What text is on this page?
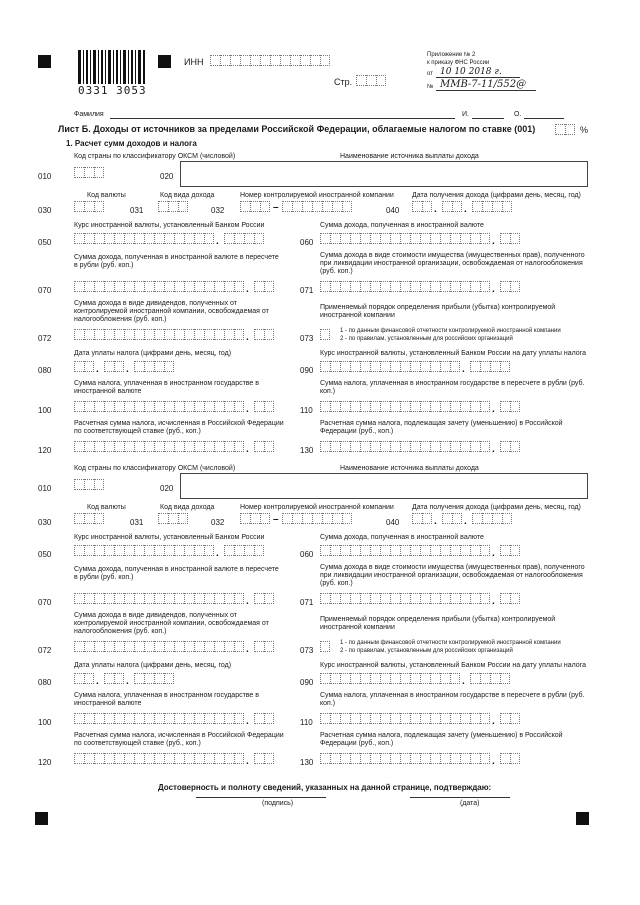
0331 3053
ИНН
Стр.
Приложение № 2
к приказу ФНС России
от 10 10 2018 г.
№ ММВ-7-11/552@
Фамилия	И.	О.
Лист Б. Доходы от источников за пределами Российской Федерации, облагаемые налогом по ставке (001)	%
1. Расчет сумм доходов и налога
Код страны по классификатору ОКСМ (числовой)	Наименование источника выплаты дохода
010	020
Код валюты	Код вида дохода	Номер контролируемой иностранной компании	Дата получения дохода (цифрами день, месяц, год)
030	031	032	–	040	.	.
Курс иностранной валюты, установленный Банком России	Сумма дохода, полученная в иностранной валюте
050	.	060	.
Сумма дохода, полученная в иностранной валюте в пересчете в рубли (руб. коп.)
Сумма дохода в виде стоимости имущества (имущественных прав), полученного при ликвидации иностранной организации, освобождаемая от налогообложения (руб. коп.)
070	.	071	.
Сумма дохода в виде дивидендов, полученных от контролируемой иностранной компании, освобождаемая от налогообложения (руб. коп.)
Применяемый порядок определения прибыли (убытка) контролируемой иностранной компании
072	.	073
1 - по данным финансовой отчетности контролируемой иностранной компании
2 - по правилам, установленным для российских организаций
Дата уплаты налога (цифрами день, месяц, год)	Курс иностранной валюты, установленный Банком России на дату уплаты налога
080	.	.	090	.
Сумма налога, уплаченная в иностранном государстве в иностранной валюте
Сумма налога, уплаченная в иностранном государстве в пересчете в рубли (руб. коп.)
100	.	110	.
Расчетная сумма налога, исчисленная в Российской Федерации по соответствующей ставке (руб., коп.)
Расчетная сумма налога, подлежащая зачету (уменьшению) в Российской Федерации (руб., коп.)
120	.	130	.
Код страны по классификатору ОКСМ (числовой)	Наименование источника выплаты дохода
010	020
Код валюты	Код вида дохода	Номер контролируемой иностранной компании	Дата получения дохода (цифрами день, месяц, год)
030	031	032	–	040	.	.
Курс иностранной валюты, установленный Банком России	Сумма дохода, полученная в иностранной валюте
050	.	060	.
Сумма дохода, полученная в иностранной валюте в пересчете в рубли (руб. коп.)
Сумма дохода в виде стоимости имущества (имущественных прав), полученного при ликвидации иностранной организации, освобождаемая от налогообложения (руб. коп.)
070	.	071	.
Сумма дохода в виде дивидендов, полученных от контролируемой иностранной компании, освобождаемая от налогообложения (руб. коп.)
Применяемый порядок определения прибыли (убытка) контролируемой иностранной компании
072	.	073
1 - по данным финансовой отчетности контролируемой иностранной компании
2 - по правилам, установленным для российских организаций
Дата уплаты налога (цифрами день, месяц, год)	Курс иностранной валюты, установленный Банком России на дату уплаты налога
080	.	.	090	.
Сумма налога, уплаченная в иностранном государстве в иностранной валюте
Сумма налога, уплаченная в иностранном государстве в пересчете в рубли (руб. коп.)
100	.	110	.
Расчетная сумма налога, исчисленная в Российской Федерации по соответствующей ставке (руб., коп.)
Расчетная сумма налога, подлежащая зачету (уменьшению) в Российской Федерации (руб., коп.)
120	.	130	.
Достоверность и полноту сведений, указанных на данной странице, подтверждаю:
(подпись)	(дата)
